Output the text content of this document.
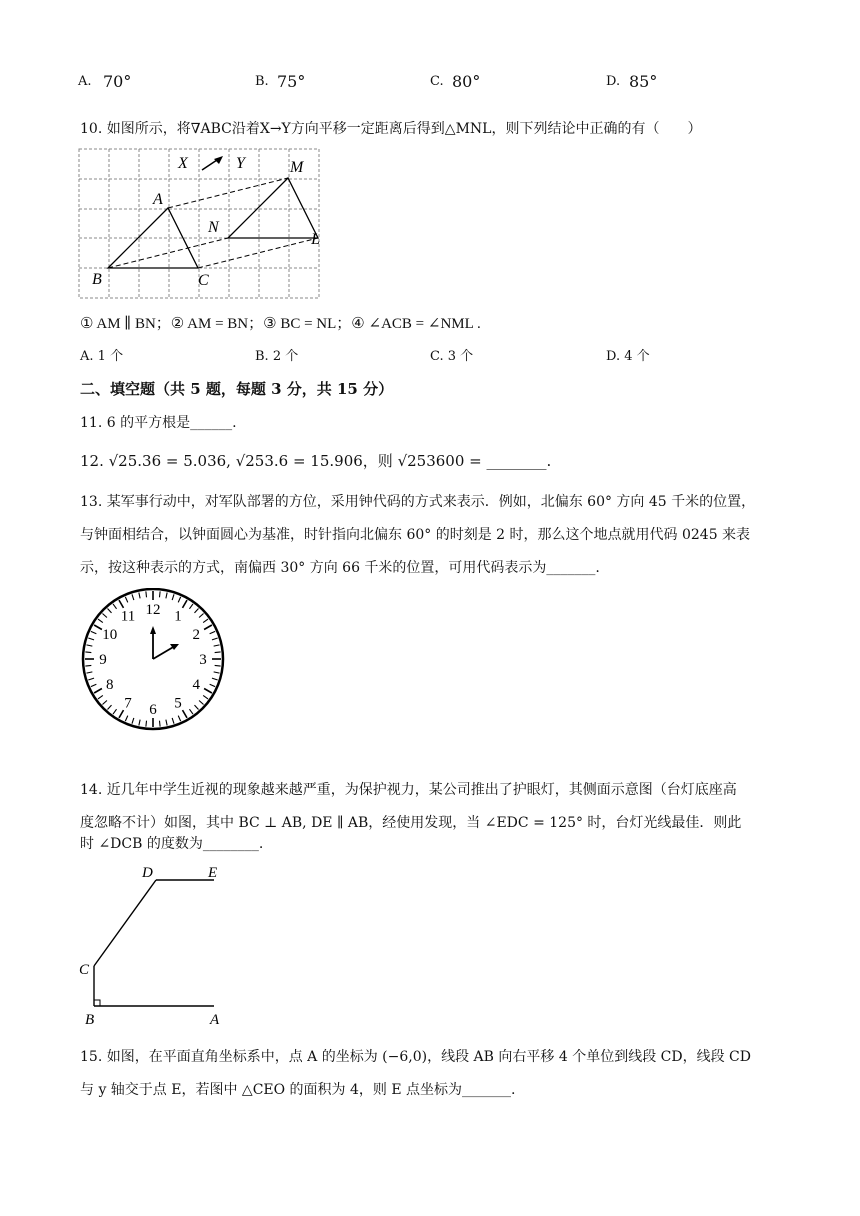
A. 70°	B. 75°	C. 80°	D. 85°
10. 如图所示，将∇ABC沿着X→Y方向平移一定距离后得到△MNL，则下列结论中正确的有（　　）
X	Y
A
B	C
M
N
L
① AM ∥ BN；② AM = BN；③ BC = NL；④ ∠ACB = ∠NML .
A. 1 个	B. 2 个	C. 3 个	D. 4 个
二、填空题（共 5 题，每题 3 分，共 15 分）
11. 6 的平方根是______.
12. √25.36 = 5.036, √253.6 = 15.906，则 √253600 = ________.
13. 某军事行动中，对军队部署的方位，采用钟代码的方式来表示．例如，北偏东 60° 方向 45 千米的位置，
与钟面相结合，以钟面圆心为基准，时针指向北偏东 60° 的时刻是 2 时，那么这个地点就用代码 0245 来表
示，按这种表示的方式，南偏西 30° 方向 66 千米的位置，可用代码表示为_______.
12 1
2
3
4
5
6
7
8
9
10
11
14. 近几年中学生近视的现象越来越严重，为保护视力，某公司推出了护眼灯，其侧面示意图（台灯底座高
度忽略不计）如图，其中 BC ⊥ AB, DE ∥ AB，经使用发现，当 ∠EDC = 125° 时，台灯光线最佳．则此
时 ∠DCB 的度数为________.
D	E
C
B	A
15. 如图，在平面直角坐标系中，点 A 的坐标为 (−6,0)，线段 AB 向右平移 4 个单位到线段 CD，线段 CD
与 y 轴交于点 E，若图中 △CEO 的面积为 4，则 E 点坐标为_______.
